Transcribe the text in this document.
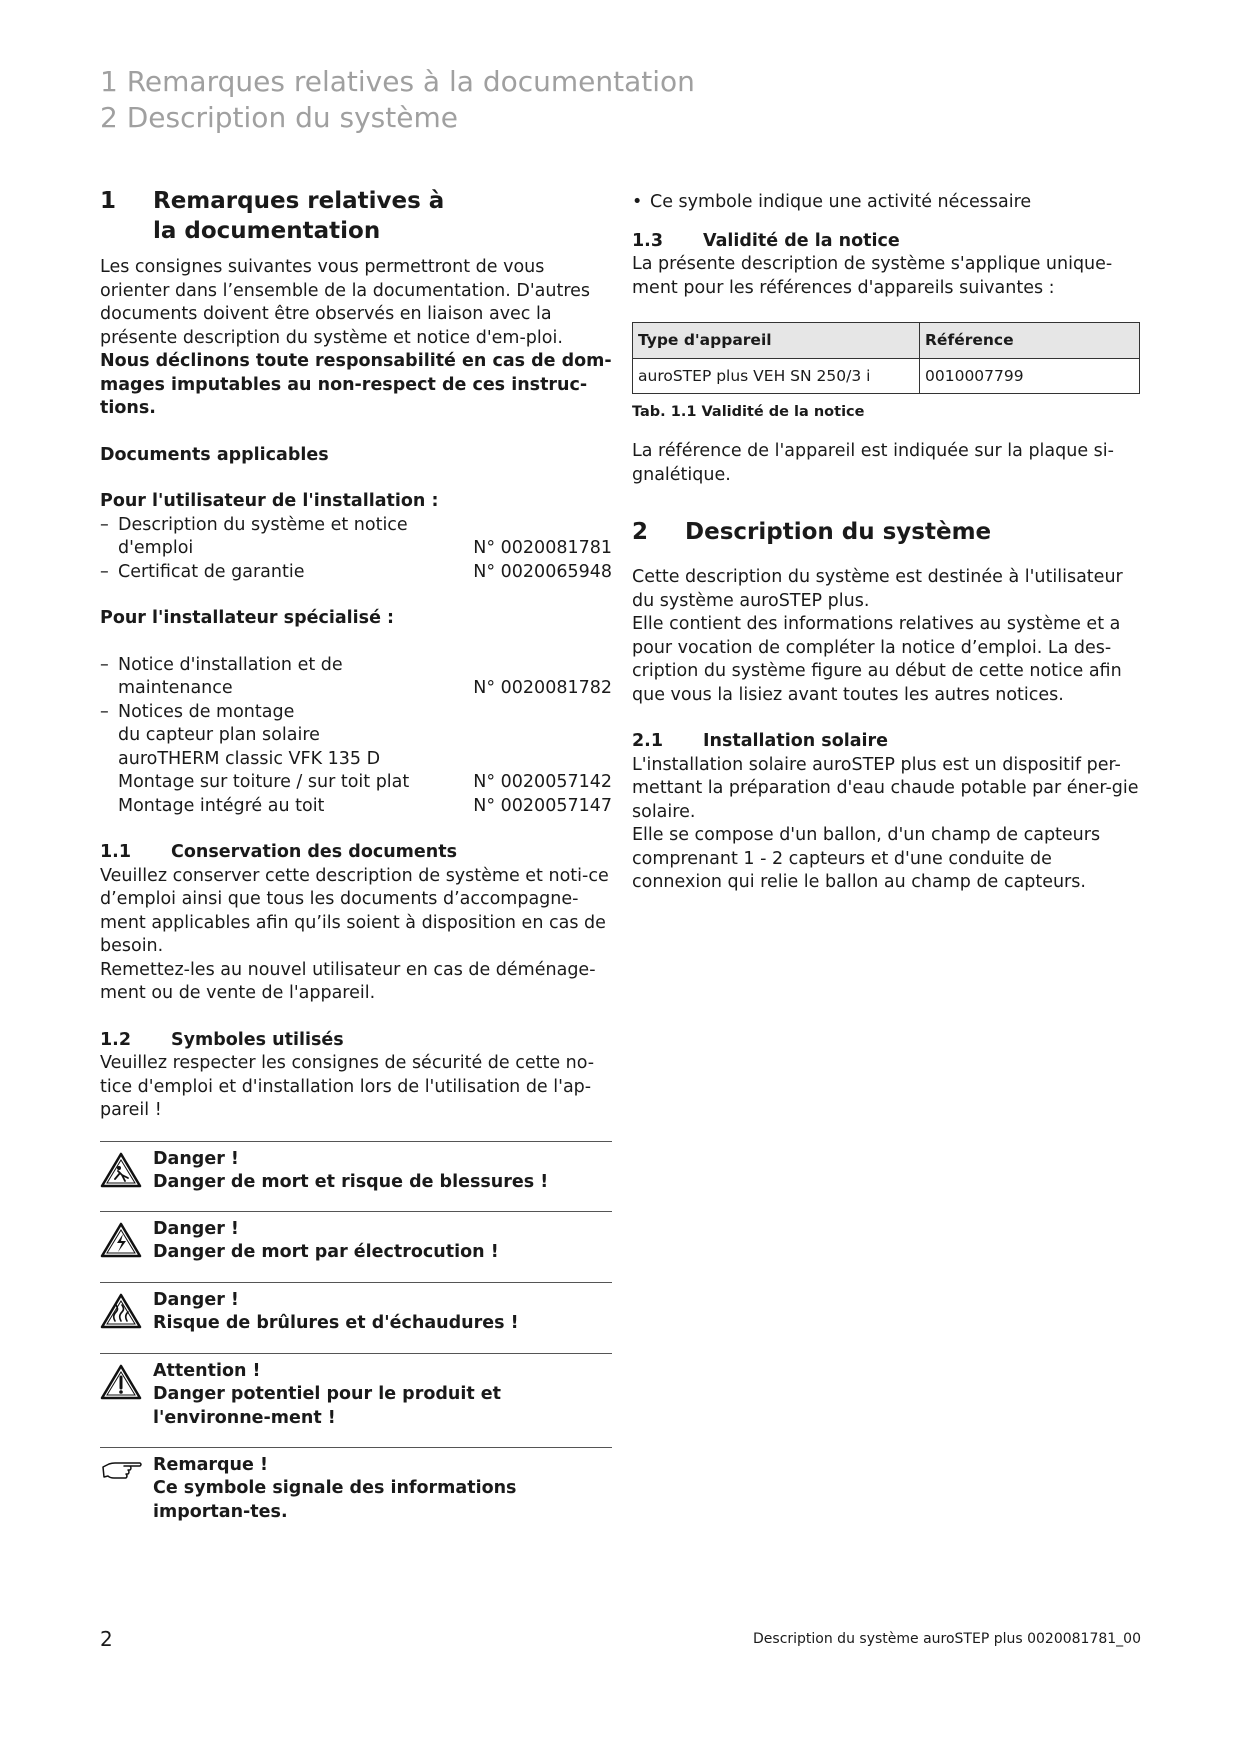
1 Remarques relatives à la documentation
2 Description du système
1	Remarques relatives à la documentation

Les consignes suivantes vous permettront de vous orienter dans l’ensemble de la documentation. D'autres documents doivent être observés en liaison avec la présente description du système et notice d'em-ploi.

Nous déclinons toute responsabilité en cas de dom-mages imputables au non-respect de ces instruc-tions.

Documents applicables

Pour l'utilisateur de l'installation :

– Description du système et notice
d'emploi	N° 0020081781
– Certificat de garantie	N° 0020065948

Pour l'installateur spécialisé :

– Notice d'installation et de
maintenance	N° 0020081782
– Notices de montage
du capteur plan solaire
auroTHERM classic VFK 135 D
Montage sur toiture / sur toit plat	N° 0020057142
Montage intégré au toit	N° 0020057147
1.1	Conservation des documents

Veuillez conserver cette description de système et noti-ce d’emploi ainsi que tous les documents d’accompagne-ment applicables afin qu’ils soient à disposition en cas de besoin.

Remettez-les au nouvel utilisateur en cas de déménage-ment ou de vente de l'appareil.

1.2	Symboles utilisés

Veuillez respecter les consignes de sécurité de cette no-tice d'emploi et d'installation lors de l'utilisation de l'ap-pareil !

Danger !
Danger de mort et risque de blessures !
Danger !
Danger de mort par électrocution !
Danger !
Risque de brûlures et d'échaudures !
Attention !
Danger potentiel pour le produit et l'environne-ment !
Remarque !
Ce symbole signale des informations importan-tes.
• Ce symbole indique une activité nécessaire
1.3	Validité de la notice

La présente description de système s'applique unique-ment pour les références d'appareils suivantes :

Type d'appareil	Référence
auroSTEP plus VEH SN 250/3 i	0010007799

Tab. 1.1 Validité de la notice

La référence de l'appareil est indiquée sur la plaque si-gnalétique.

2	Description du système

Cette description du système est destinée à l'utilisateur du système auroSTEP plus.

Elle contient des informations relatives au système et a pour vocation de compléter la notice d’emploi. La des-cription du système figure au début de cette notice afin que vous la lisiez avant toutes les autres notices.

2.1	Installation solaire

L'installation solaire auroSTEP plus est un dispositif per-mettant la préparation d'eau chaude potable par éner-gie solaire.

Elle se compose d'un ballon, d'un champ de capteurs comprenant 1 - 2 capteurs et d'une conduite de connexion qui relie le ballon au champ de capteurs.

2	Description du système auroSTEP plus 0020081781_00
